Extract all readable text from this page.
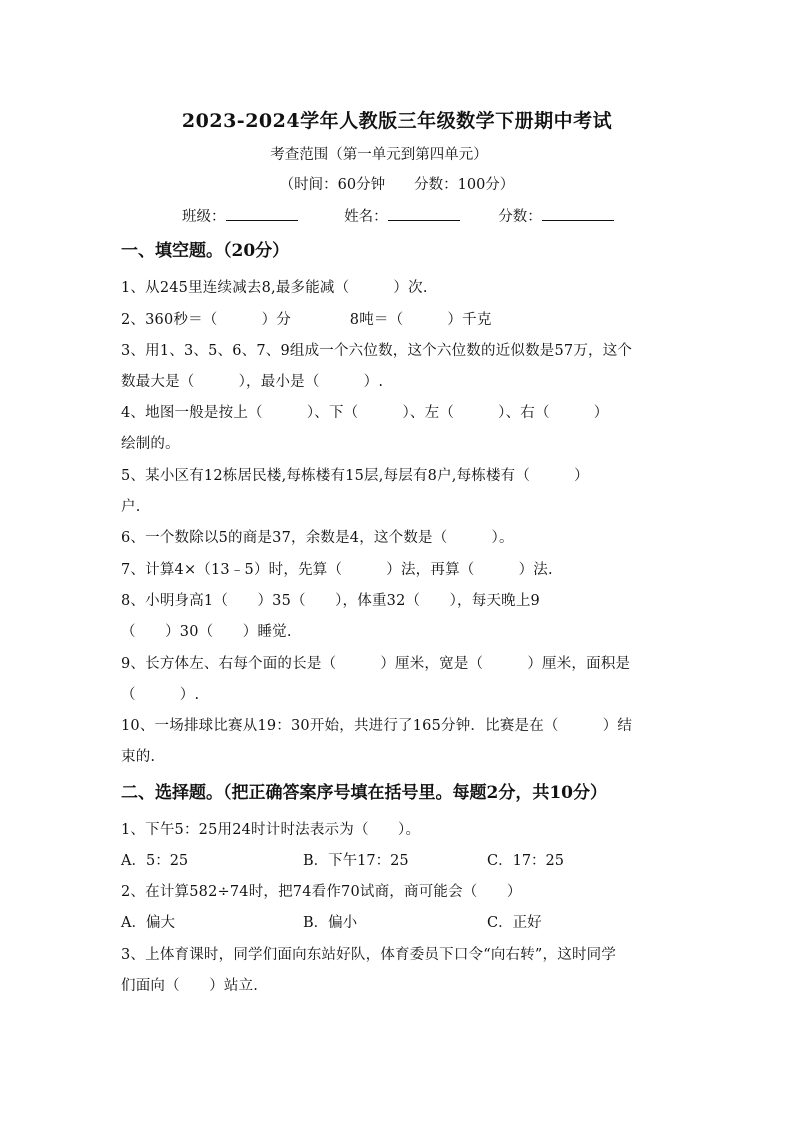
2023-2024学年人教版三年级数学下册期中考试
考查范围（第一单元到第四单元）
（时间：60分钟　　分数：100分）
班级：	姓名：	分数：
一、填空题。（20分）
1、从245里连续减去8,最多能减（　　　）次.
2、360秒＝（　　　）分　　　　8吨＝（　　　）千克
3、用1、3、5、6、7、9组成一个六位数，这个六位数的近似数是57万，这个
数最大是（　　　），最小是（　　　）.
4、地图一般是按上（　　　）、下（　　　）、左（　　　）、右（　　　）
绘制的。
5、某小区有12栋居民楼,每栋楼有15层,每层有8户,每栋楼有（　　　）
户.
6、一个数除以5的商是37，余数是4，这个数是（　　　）。
7、计算4×（13﹣5）时，先算（　　　）法，再算（　　　）法.
8、小明身高1（　　）35（　　），体重32（　　），每天晚上9
（　　）30（　　）睡觉.
9、长方体左、右每个面的长是（　　　）厘米，宽是（　　　）厘米，面积是
（　　　）.
10、一场排球比赛从19：30开始，共进行了165分钟．比赛是在（　　　）结
束的.
二、选择题。（把正确答案序号填在括号里。每题2分，共10分）
1、下午5：25用24时计时法表示为（　　）。
A．5：25	B．下午17：25	C．17：25
2、在计算582÷74时，把74看作70试商，商可能会（　　）
A．偏大	B．偏小	C．正好
3、上体育课时，同学们面向东站好队，体育委员下口令“向右转”，这时同学
们面向（　　）站立.
